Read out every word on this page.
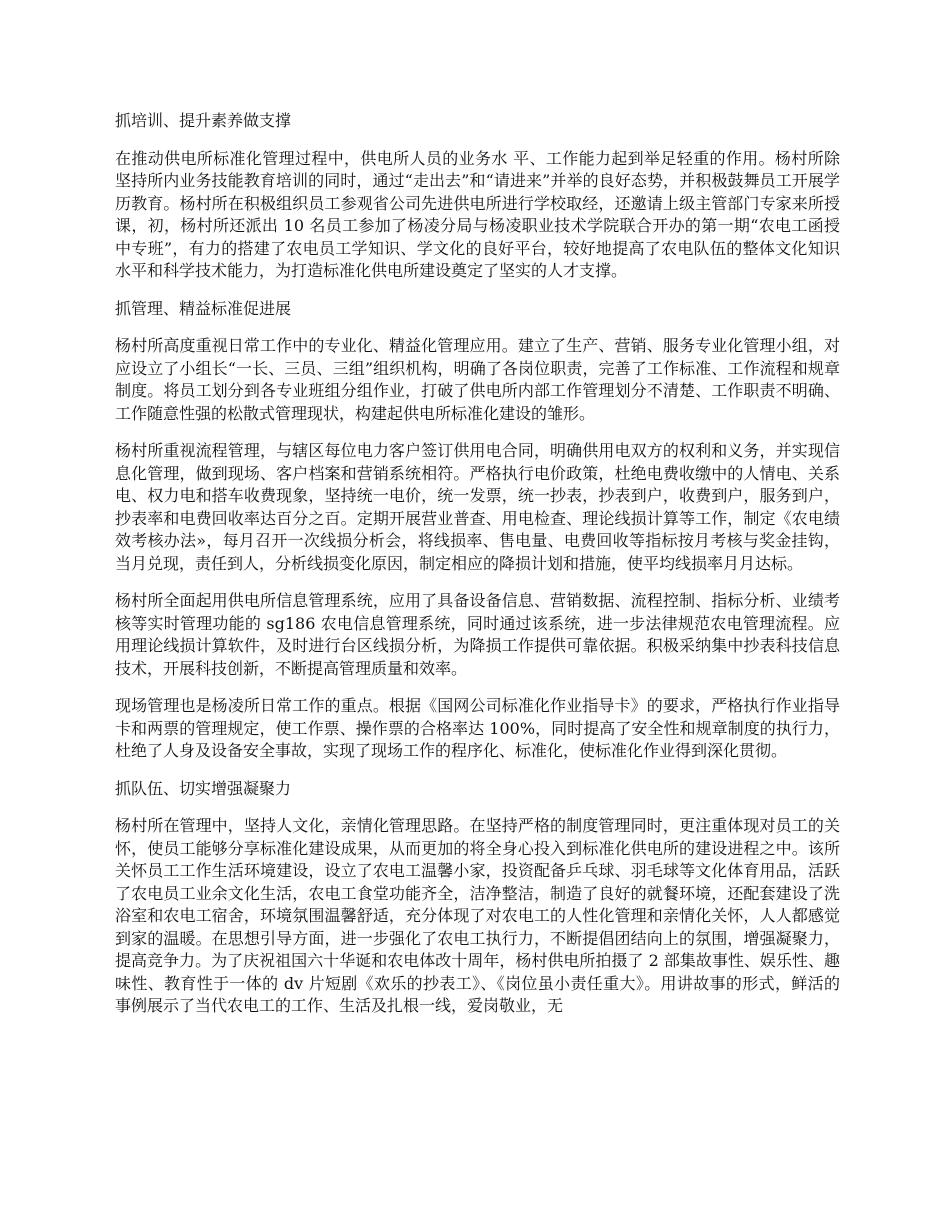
抓培训、提升素养做支撑
在推动供电所标准化管理过程中，供电所人员的业务水 平、工作能力起到举足轻重的作用。杨村所除坚持所内业务技能教育培训的同时，通过“走出去”和“请进来”并举的良好态势，并积极鼓舞员工开展学历教育。杨村所在积极组织员工参观省公司先进供电所进行学校取经，还邀请上级主管部门专家来所授课，初，杨村所还派出 10 名员工参加了杨凌分局与杨凌职业技术学院联合开办的第一期“农电工函授中专班”，有力的搭建了农电员工学知识、学文化的良好平台，较好地提高了农电队伍的整体文化知识水平和科学技术能力，为打造标准化供电所建设奠定了坚实的人才支撑。
抓管理、精益标准促进展
杨村所高度重视日常工作中的专业化、精益化管理应用。建立了生产、营销、服务专业化管理小组，对应设立了小组长“一长、三员、三组”组织机构，明确了各岗位职责，完善了工作标准、工作流程和规章制度。将员工划分到各专业班组分组作业，打破了供电所内部工作管理划分不清楚、工作职责不明确、工作随意性强的松散式管理现状，构建起供电所标准化建设的雏形。
杨村所重视流程管理，与辖区每位电力客户签订供用电合同，明确供用电双方的权利和义务，并实现信息化管理，做到现场、客户档案和营销系统相符。严格执行电价政策，杜绝电费收缴中的人情电、关系电、权力电和搭车收费现象，坚持统一电价，统一发票，统一抄表，抄表到户，收费到户，服务到户，抄表率和电费回收率达百分之百。定期开展营业普查、用电检查、理论线损计算等工作，制定《农电绩效考核办法»，每月召开一次线损分析会，将线损率、售电量、电费回收等指标按月考核与奖金挂钩，当月兑现，责任到人，分析线损变化原因，制定相应的降损计划和措施，使平均线损率月月达标。
杨村所全面起用供电所信息管理系统，应用了具备设备信息、营销数据、流程控制、指标分析、业绩考核等实时管理功能的 sg186 农电信息管理系统，同时通过该系统，进一步法律规范农电管理流程。应用理论线损计算软件，及时进行台区线损分析，为降损工作提供可靠依据。积极采纳集中抄表科技信息技术，开展科技创新，不断提高管理质量和效率。
现场管理也是杨凌所日常工作的重点。根据《国网公司标准化作业指导卡》的要求，严格执行作业指导卡和两票的管理规定，使工作票、操作票的合格率达 100%，同时提高了安全性和规章制度的执行力，杜绝了人身及设备安全事故，实现了现场工作的程序化、标准化，使标准化作业得到深化贯彻。
抓队伍、切实增强凝聚力
杨村所在管理中，坚持人文化，亲情化管理思路。在坚持严格的制度管理同时，更注重体现对员工的关怀，使员工能够分享标准化建设成果，从而更加的将全身心投入到标准化供电所的建设进程之中。该所关怀员工工作生活环境建设，设立了农电工温馨小家，投资配备乒乓球、羽毛球等文化体育用品，活跃了农电员工业余文化生活，农电工食堂功能齐全，洁净整洁，制造了良好的就餐环境，还配套建设了洗浴室和农电工宿舍，环境氛围温馨舒适，充分体现了对农电工的人性化管理和亲情化关怀，人人都感觉到家的温暖。在思想引导方面，进一步强化了农电工执行力，不断提倡团结向上的氛围，增强凝聚力，提高竞争力。为了庆祝祖国六十华诞和农电体改十周年，杨村供电所拍摄了 2 部集故事性、娱乐性、趣味性、教育性于一体的 dv 片短剧《欢乐的抄表工》、《岗位虽小责任重大》。用讲故事的形式，鲜活的事例展示了当代农电工的工作、生活及扎根一线，爱岗敬业，无
